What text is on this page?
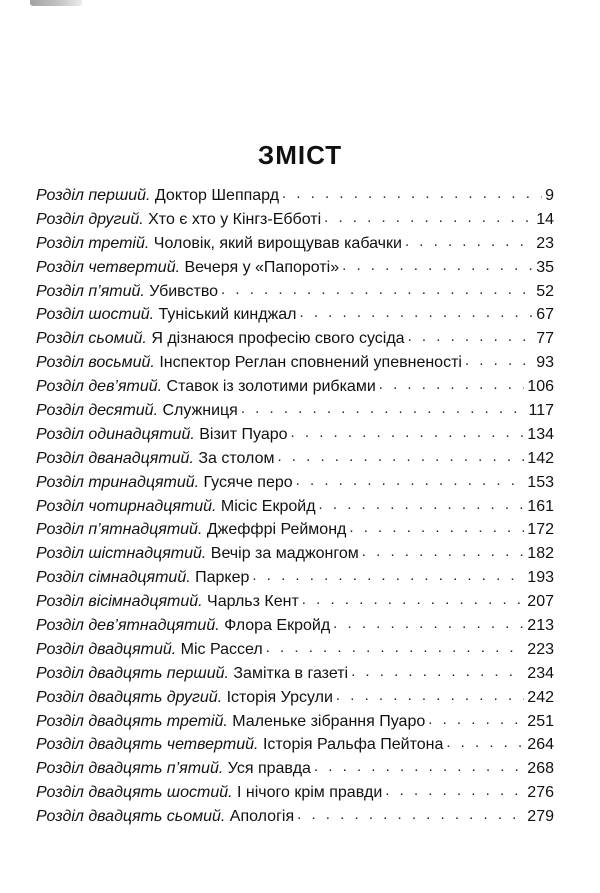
ЗМІСТ
Розділ перший. Доктор Шеппард . . .	9
Розділ другий. Хто є хто у Кінгз-Ебботі . . .	14
Розділ третій. Чоловік, який вирощував кабачки . . .	23
Розділ четвертий. Вечеря у «Папороті» . . .	35
Розділ п’ятий. Убивство . . .	52
Розділ шостий. Туніський кинджал . . .	67
Розділ сьомий. Я дізнаюся професію свого сусіда . . .	77
Розділ восьмий. Інспектор Реглан сповнений упевненості . . .	93
Розділ дев’ятий. Ставок із золотими рибками . . .	106
Розділ десятий. Служниця . . .	117
Розділ одинадцятий. Візит Пуаро . . .	134
Розділ дванадцятий. За столом . . .	142
Розділ тринадцятий. Гусяче перо . . .	153
Розділ чотирнадцятий. Місіс Екройд . . .	161
Розділ п’ятнадцятий. Джеффрі Реймонд . . .	172
Розділ шістнадцятий. Вечір за маджонгом . . .	182
Розділ сімнадцятий. Паркер . . .	193
Розділ вісімнадцятий. Чарльз Кент . . .	207
Розділ дев’ятнадцятий. Флора Екройд . . .	213
Розділ двадцятий. Міс Рассел . . .	223
Розділ двадцять перший. Замітка в газеті . . .	234
Розділ двадцять другий. Історія Урсули . . .	242
Розділ двадцять третій. Маленьке зібрання Пуаро . . .	251
Розділ двадцять четвертий. Історія Ральфа Пейтона . . .	264
Розділ двадцять п’ятий. Уся правда . . .	268
Розділ двадцять шостий. І нічого крім правди . . .	276
Розділ двадцять сьомий. Апологія . . .	279
